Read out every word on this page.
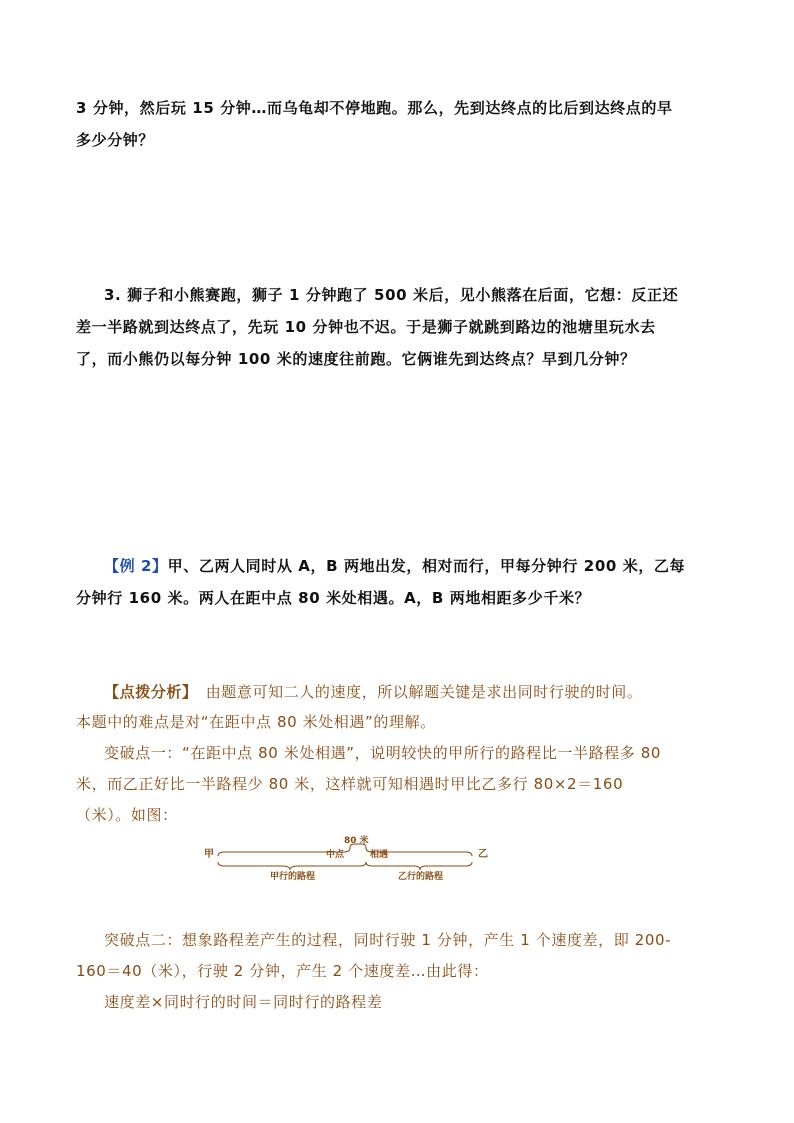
3 分钟，然后玩 15 分钟…而乌龟却不停地跑。那么，先到达终点的比后到达终点的早
多少分钟？
3. 狮子和小熊赛跑，狮子 1 分钟跑了 500 米后，见小熊落在后面，它想：反正还
差一半路就到达终点了，先玩 10 分钟也不迟。于是狮子就跳到路边的池塘里玩水去
了，而小熊仍以每分钟 100 米的速度往前跑。它俩谁先到达终点？早到几分钟？
【例 2】甲、乙两人同时从 A，B 两地出发，相对而行，甲每分钟行 200 米，乙每
分钟行 160 米。两人在距中点 80 米处相遇。A，B 两地相距多少千米？
【点拨分析】　由题意可知二人的速度，所以解题关键是求出同时行驶的时间。
本题中的难点是对“在距中点 80 米处相遇”的理解。
变破点一：“在距中点 80 米处相遇”，说明较快的甲所行的路程比一半路程多 80
米，而乙正好比一半路程少 80 米，这样就可知相遇时甲比乙多行 80×2＝160
（米）。如图：
甲	乙
80 米
中点	相遇
甲行的路程	乙行的路程
突破点二：想象路程差产生的过程，同时行驶 1 分钟，产生 1 个速度差，即 200-
160＝40（米），行驶 2 分钟，产生 2 个速度差…由此得：
速度差×同时行的时间＝同时行的路程差
